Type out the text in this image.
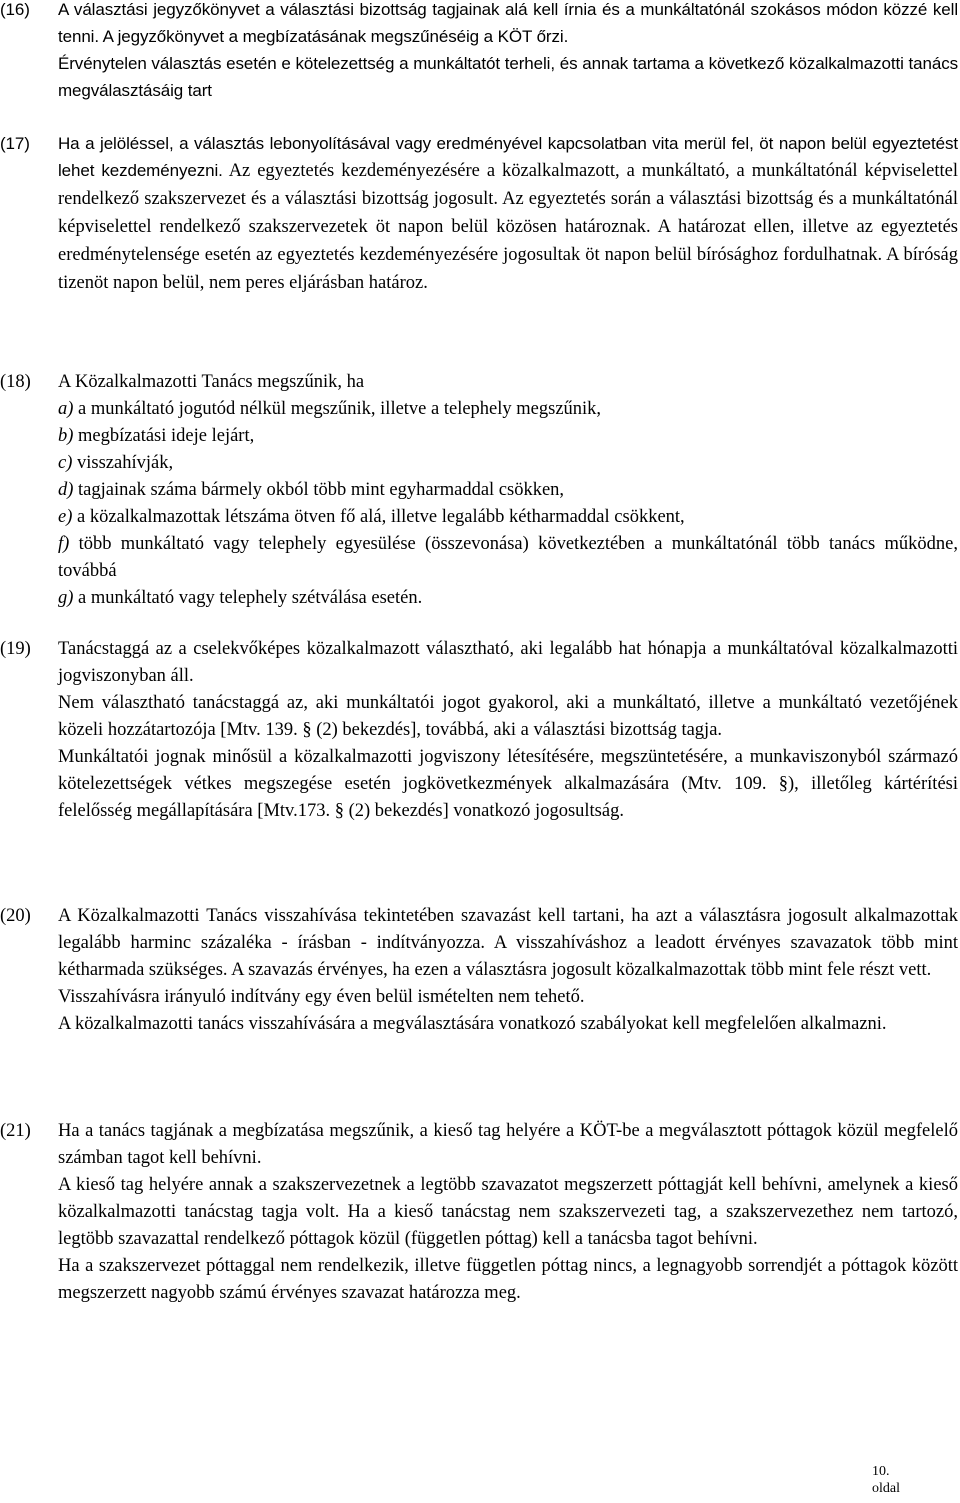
(16) A választási jegyzőkönyvet a választási bizottság tagjainak alá kell írnia és a munkáltatónál szokásos módon közzé kell tenni. A jegyzőkönyvet a megbízatásának megszűnéséig a KÖT őrzi.

Érvénytelen választás esetén e kötelezettség a munkáltatót terheli, és annak tartama a következő közalkalmazotti tanács megválasztásáig tart

(17) Ha a jelöléssel, a választás lebonyolításával vagy eredményével kapcsolatban vita merül fel, öt napon belül egyeztetést lehet kezdeményezni. Az egyeztetés kezdeményezésére a közalkalmazott, a munkáltató, a munkáltatónál képviselettel rendelkező szakszervezet és a választási bizottság jogosult. Az egyeztetés során a választási bizottság és a munkáltatónál képviselettel rendelkező szakszervezetek öt napon belül közösen határoznak. A határozat ellen, illetve az egyeztetés eredménytelensége esetén az egyeztetés kezdeményezésére jogosultak öt napon belül bírósághoz fordulhatnak. A bíróság tizenöt napon belül, nem peres eljárásban határoz.

(18) A Közalkalmazotti Tanács megszűnik, ha

a) a munkáltató jogutód nélkül megszűnik, illetve a telephely megszűnik,

b) megbízatási ideje lejárt,

c) visszahívják,

d) tagjainak száma bármely okból több mint egyharmaddal csökken,

e) a közalkalmazottak létszáma ötven fő alá, illetve legalább kétharmaddal csökkent,

f) több munkáltató vagy telephely egyesülése (összevonása) következtében a munkáltatónál több tanács működne, továbbá

g) a munkáltató vagy telephely szétválása esetén.

(19) Tanácstaggá az a cselekvőképes közalkalmazott választható, aki legalább hat hónapja a munkáltatóval közalkalmazotti jogviszonyban áll.

Nem választható tanácstaggá az, aki munkáltatói jogot gyakorol, aki a munkáltató, illetve a munkáltató vezetőjének közeli hozzátartozója [Mtv. 139. § (2) bekezdés], továbbá, aki a választási bizottság tagja.

Munkáltatói jognak minősül a közalkalmazotti jogviszony létesítésére, megszüntetésére, a munkaviszonyból származó kötelezettségek vétkes megszegése esetén jogkövetkezmények alkalmazására (Mtv. 109. §), illetőleg kártérítési felelősség megállapítására [Mtv.173. § (2) bekezdés] vonatkozó jogosultság.

(20) A Közalkalmazotti Tanács visszahívása tekintetében szavazást kell tartani, ha azt a választásra jogosult alkalmazottak legalább harminc százaléka - írásban - indítványozza. A visszahíváshoz a leadott érvényes szavazatok több mint kétharmada szükséges. A szavazás érvényes, ha ezen a választásra jogosult közalkalmazottak több mint fele részt vett.

Visszahívásra irányuló indítvány egy éven belül ismételten nem tehető.

A közalkalmazotti tanács visszahívására a megválasztására vonatkozó szabályokat kell megfelelően alkalmazni.

(21) Ha a tanács tagjának a megbízatása megszűnik, a kieső tag helyére a KÖT-be a megválasztott póttagok közül megfelelő számban tagot kell behívni.

A kieső tag helyére annak a szakszervezetnek a legtöbb szavazatot megszerzett póttagját kell behívni, amelynek a kieső közalkalmazotti tanácstag tagja volt. Ha a kieső tanácstag nem szakszervezeti tag, a szakszervezethez nem tartozó, legtöbb szavazattal rendelkező póttagok közül (független póttag) kell a tanácsba tagot behívni.

Ha a szakszervezet póttaggal nem rendelkezik, illetve független póttag nincs, a legnagyobb sorrendjét a póttagok között megszerzett nagyobb számú érvényes szavazat határozza meg.

10.
oldal
